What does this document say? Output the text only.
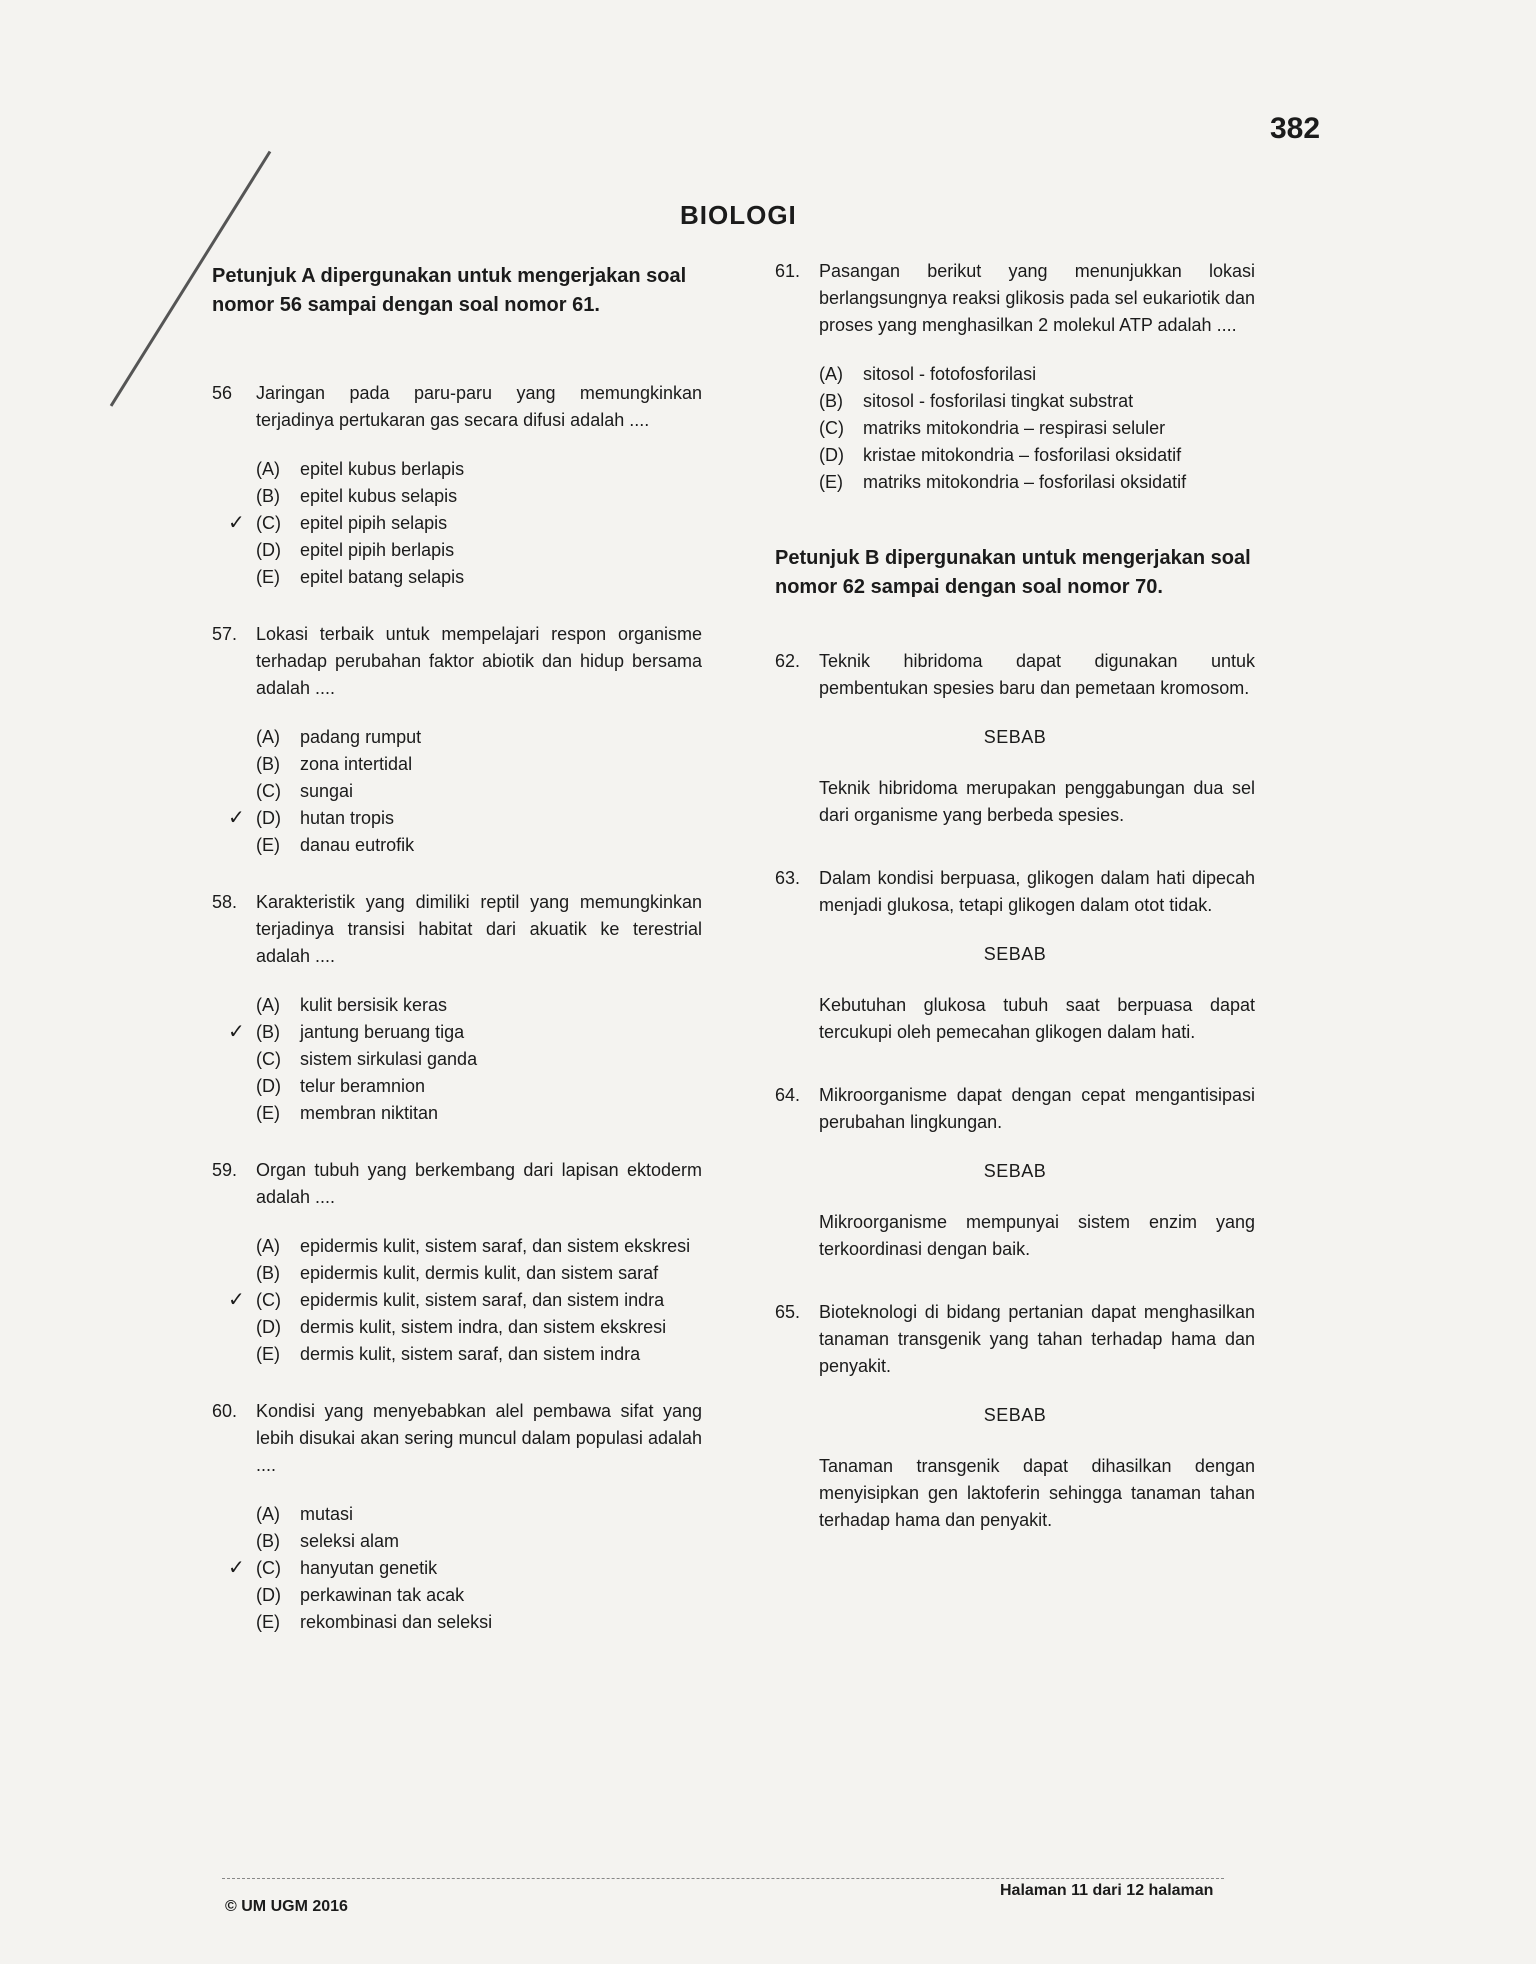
382
BIOLOGI
Petunjuk A dipergunakan untuk mengerjakan soal nomor 56 sampai dengan soal nomor 61.
56	Jaringan pada paru-paru yang memungkinkan terjadinya pertukaran gas secara difusi adalah ....
(A)	epitel kubus berlapis
(B)	epitel kubus selapis
✓ (C)	epitel pipih selapis
(D)	epitel pipih berlapis
(E)	epitel batang selapis
57.	Lokasi terbaik untuk mempelajari respon organisme terhadap perubahan faktor abiotik dan hidup bersama adalah ....
(A)	padang rumput
(B)	zona intertidal
(C)	sungai
✓ (D)	hutan tropis
(E)	danau eutrofik
58.	Karakteristik yang dimiliki reptil yang memungkinkan terjadinya transisi habitat dari akuatik ke terestrial adalah ....
(A)	kulit bersisik keras
✓ (B)	jantung beruang tiga
(C)	sistem sirkulasi ganda
(D)	telur beramnion
(E)	membran niktitan
59.	Organ tubuh yang berkembang dari lapisan ektoderm adalah ....
(A)	epidermis kulit, sistem saraf, dan sistem ekskresi
(B)	epidermis kulit, dermis kulit, dan sistem saraf
✓ (C)	epidermis kulit, sistem saraf, dan sistem indra
(D)	dermis kulit, sistem indra, dan sistem ekskresi
(E)	dermis kulit, sistem saraf, dan sistem indra
60.	Kondisi yang menyebabkan alel pembawa sifat yang lebih disukai akan sering muncul dalam populasi adalah ....
(A)	mutasi
(B)	seleksi alam
✓ (C)	hanyutan genetik
(D)	perkawinan tak acak
(E)	rekombinasi dan seleksi
61.	Pasangan berikut yang menunjukkan lokasi berlangsungnya reaksi glikosis pada sel eukariotik dan proses yang menghasilkan 2 molekul ATP adalah ....
(A)	sitosol - fotofosforilasi
(B)	sitosol - fosforilasi tingkat substrat
(C)	matriks mitokondria – respirasi seluler
(D)	kristae mitokondria – fosforilasi oksidatif
(E)	matriks mitokondria – fosforilasi oksidatif
Petunjuk B dipergunakan untuk mengerjakan soal nomor 62 sampai dengan soal nomor 70.
62.	Teknik hibridoma dapat digunakan untuk pembentukan spesies baru dan pemetaan kromosom.
SEBAB
Teknik hibridoma merupakan penggabungan dua sel dari organisme yang berbeda spesies.
63.	Dalam kondisi berpuasa, glikogen dalam hati dipecah menjadi glukosa, tetapi glikogen dalam otot tidak.
SEBAB
Kebutuhan glukosa tubuh saat berpuasa dapat tercukupi oleh pemecahan glikogen dalam hati.
64.	Mikroorganisme dapat dengan cepat mengantisipasi perubahan lingkungan.
SEBAB
Mikroorganisme mempunyai sistem enzim yang terkoordinasi dengan baik.
65.	Bioteknologi di bidang pertanian dapat menghasilkan tanaman transgenik yang tahan terhadap hama dan penyakit.
SEBAB
Tanaman transgenik dapat dihasilkan dengan menyisipkan gen laktoferin sehingga tanaman tahan terhadap hama dan penyakit.
© UM UGM 2016
Halaman 11 dari 12 halaman
